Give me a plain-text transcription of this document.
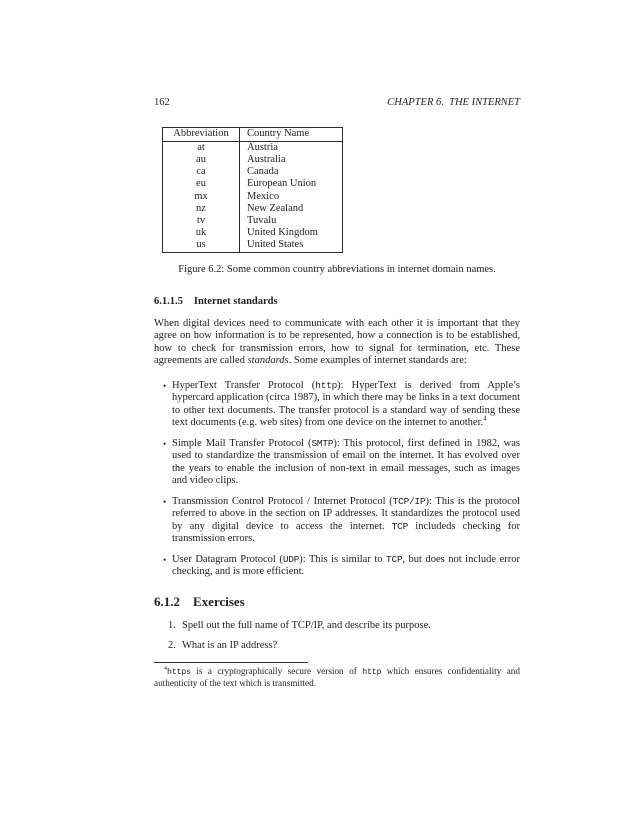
162	CHAPTER 6. THE INTERNET
Abbreviation	Country Name
at	Austria
au	Australia
ca	Canada
eu	European Union
mx	Mexico
nz	New Zealand
tv	Tuvalu
uk	United Kingdom
us	United States
Figure 6.2: Some common country abbreviations in internet domain names.
6.1.1.5 Internet standards
When digital devices need to communicate with each other it is important that they agree on how information is to be represented, how a connection is to be established, how to check for transmission errors, how to signal for termination, etc. These agreements are called standards. Some examples of internet standards are:
• HyperText Transfer Protocol (http): HyperText is derived from Apple’s hypercard application (circa 1987), in which there may be links in a text document to other text documents. The transfer protocol is a standard way of sending these text documents (e.g. web sites) from one device on the internet to another.$^4$
• Simple Mail Transfer Protocol (SMTP): This protocol, first defined in 1982, was used to standardize the transmission of email on the internet. It has evolved over the years to enable the inclusion of non-text in email messages, such as images and video clips.
• Transmission Control Protocol / Internet Protocol (TCP/IP): This is the protocol referred to above in the section on IP addresses. It standardizes the protocol used by any digital device to access the internet. TCP includeds checking for transmission errors.
• User Datagram Protocol (UDP): This is similar to TCP, but does not include error checking, and is more efficient.
6.1.2 Exercises
1. Spell out the full name of TCP/IP, and describe its purpose.
2. What is an IP address?
$^4$https is a cryptographically secure version of http which ensures confidentiality and authenticity of the text which is transmitted.
